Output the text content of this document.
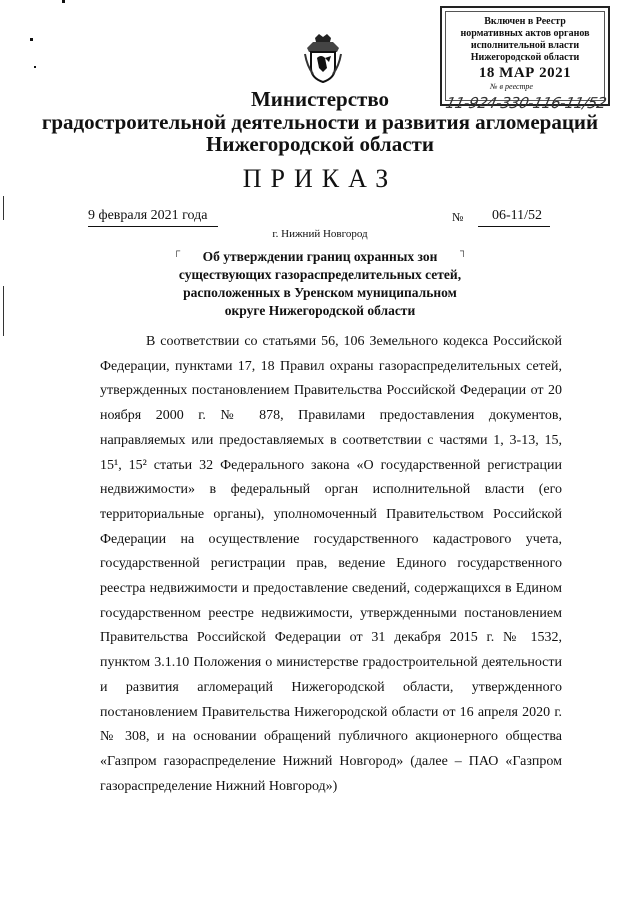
Включен в Реестр
нормативных актов органов
исполнительной власти
Нижегородской области
18 МАР 2021
№ в реестре
11-924-330-116-11/52
Министерство
градостроительной деятельности и развития агломераций
Нижегородской области
ПРИКАЗ
9 февраля 2021 года	№ 06-11/52
г. Нижний Новгород
┌	┐
Об утверждении границ охранных зон
существующих газораспределительных сетей,
расположенных в Уренском муниципальном
округе Нижегородской области

В соответствии со статьями 56, 106 Земельного кодекса Российской Федерации, пунктами 17, 18 Правил охраны газораспределительных сетей, утвержденных постановлением Правительства Российской Федерации от 20 ноября 2000 г. № 878, Правилами предоставления документов, направляемых или предоставляемых в соответствии с частями 1, 3-13, 15, 15¹, 15² статьи 32 Федерального закона «О государственной регистрации недвижимости» в федеральный орган исполнительной власти (его территориальные органы), уполномоченный Правительством Российской Федерации на осуществление государственного кадастрового учета, государственной регистрации прав, ведение Единого государственного реестра недвижимости и предоставление сведений, содержащихся в Едином государственном реестре недвижимости, утвержденными постановлением Правительства Российской Федерации от 31 декабря 2015 г. № 1532, пунктом 3.1.10 Положения о министерстве градостроительной деятельности и развития агломераций Нижегородской области, утвержденного постановлением Правительства Нижегородской области от 16 апреля 2020 г. № 308, и на основании обращений публичного акционерного общества «Газпром газораспределение Нижний Новгород» (далее – ПАО «Газпром газораспределение Нижний Новгород»)
